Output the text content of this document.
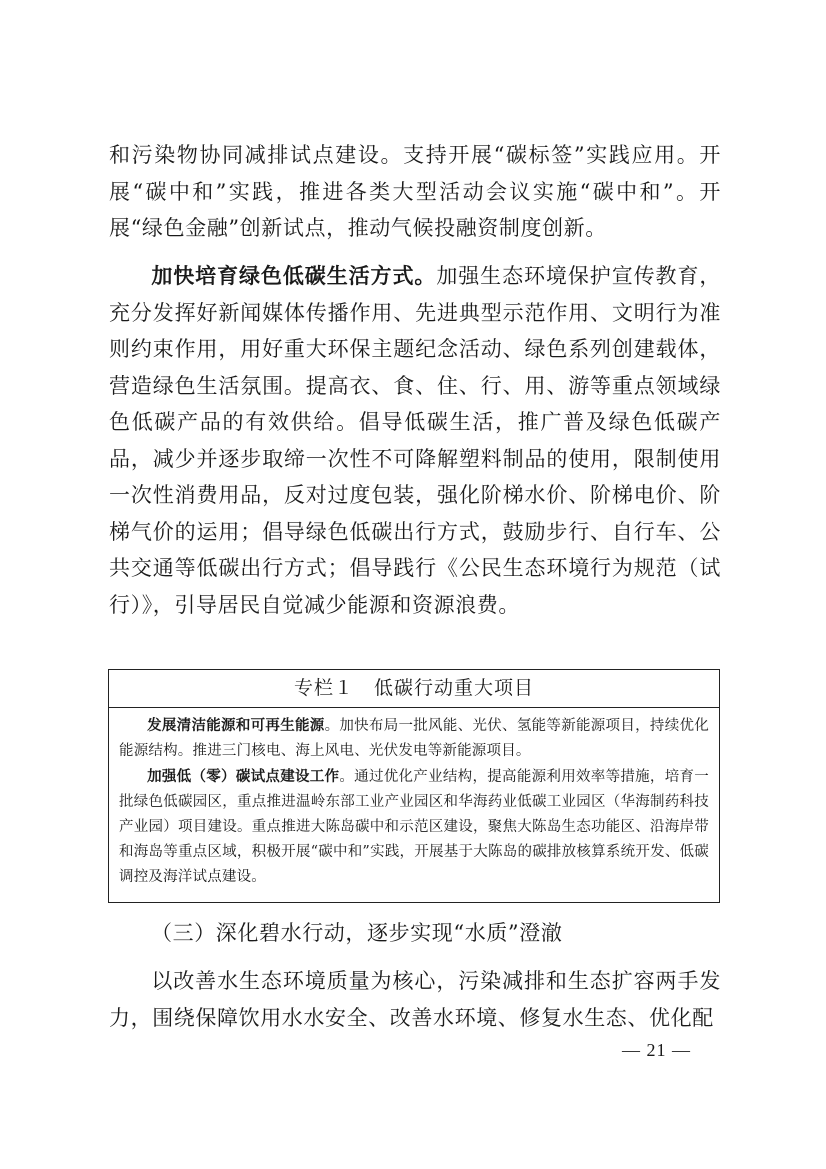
和污染物协同减排试点建设。支持开展“碳标签”实践应用。开展“碳中和”实践，推进各类大型活动会议实施“碳中和”。开展“绿色金融”创新试点，推动气候投融资制度创新。

加快培育绿色低碳生活方式。加强生态环境保护宣传教育，充分发挥好新闻媒体传播作用、先进典型示范作用、文明行为准则约束作用，用好重大环保主题纪念活动、绿色系列创建载体，营造绿色生活氛围。提高衣、食、住、行、用、游等重点领域绿色低碳产品的有效供给。倡导低碳生活，推广普及绿色低碳产品，减少并逐步取缔一次性不可降解塑料制品的使用，限制使用一次性消费用品，反对过度包装，强化阶梯水价、阶梯电价、阶梯气价的运用；倡导绿色低碳出行方式，鼓励步行、自行车、公共交通等低碳出行方式；倡导践行《公民生态环境行为规范（试行）》，引导居民自觉减少能源和资源浪费。

专栏１　低碳行动重大项目

发展清洁能源和可再生能源。加快布局一批风能、光伏、氢能等新能源项目，持续优化能源结构。推进三门核电、海上风电、光伏发电等新能源项目。

加强低（零）碳试点建设工作。通过优化产业结构，提高能源利用效率等措施，培育一批绿色低碳园区，重点推进温岭东部工业产业园区和华海药业低碳工业园区（华海制药科技产业园）项目建设。重点推进大陈岛碳中和示范区建设，聚焦大陈岛生态功能区、沿海岸带和海岛等重点区域，积极开展“碳中和”实践，开展基于大陈岛的碳排放核算系统开发、低碳调控及海洋试点建设。

（三）深化碧水行动，逐步实现“水质”澄澈

以改善水生态环境质量为核心，污染减排和生态扩容两手发力，围绕保障饮用水水安全、改善水环境、修复水生态、优化配

— 21 —
